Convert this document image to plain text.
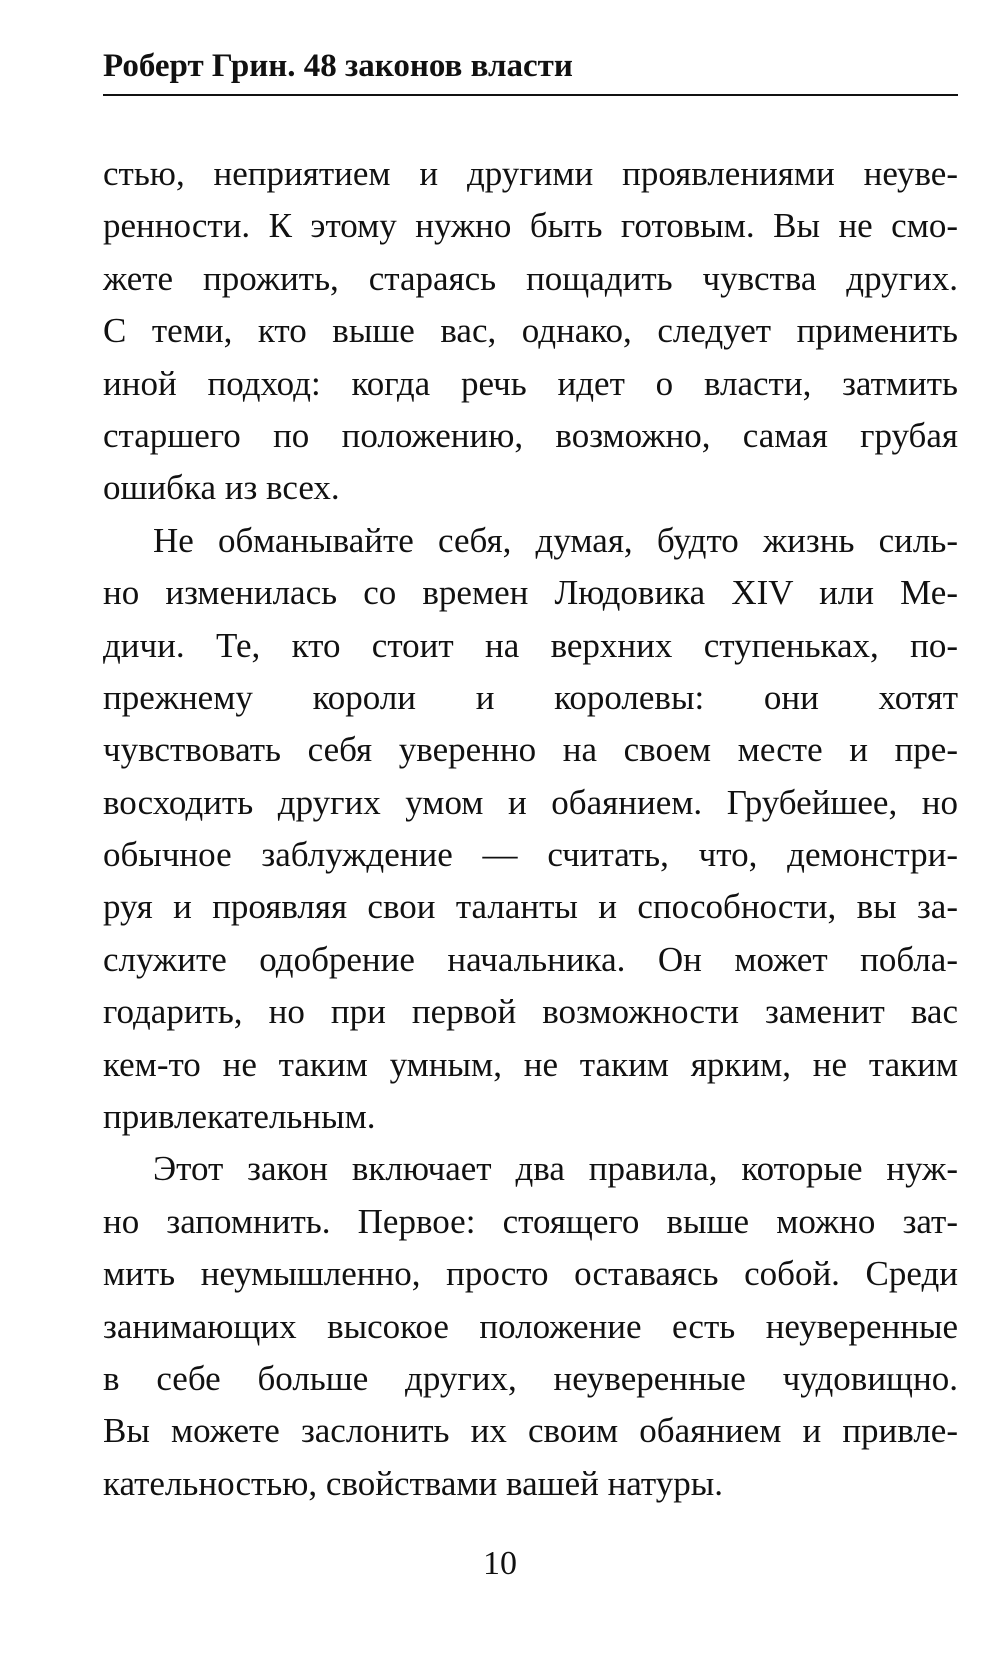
Роберт Грин. 48 законов власти
стью, неприятием и другими проявлениями неуве-
ренности. К этому нужно быть готовым. Вы не смо-
жете прожить, стараясь пощадить чувства других.
С теми, кто выше вас, однако, следует применить
иной подход: когда речь идет о власти, затмить
старшего по положению, возможно, самая грубая
ошибка из всех.
Не обманывайте себя, думая, будто жизнь силь-
но изменилась со времен Людовика XIV или Ме-
дичи. Те, кто стоит на верхних ступеньках, по-
прежнему короли и королевы: они хотят
чувствовать себя уверенно на своем месте и пре-
восходить других умом и обаянием. Грубейшее, но
обычное заблуждение — считать, что, демонстри-
руя и проявляя свои таланты и способности, вы за-
служите одобрение начальника. Он может побла-
годарить, но при первой возможности заменит вас
кем-то не таким умным, не таким ярким, не таким
привлекательным.
Этот закон включает два правила, которые нуж-
но запомнить. Первое: стоящего выше можно зат-
мить неумышленно, просто оставаясь собой. Среди
занимающих высокое положение есть неуверенные
в себе больше других, неуверенные чудовищно.
Вы можете заслонить их своим обаянием и привле-
кательностью, свойствами вашей натуры.
10
